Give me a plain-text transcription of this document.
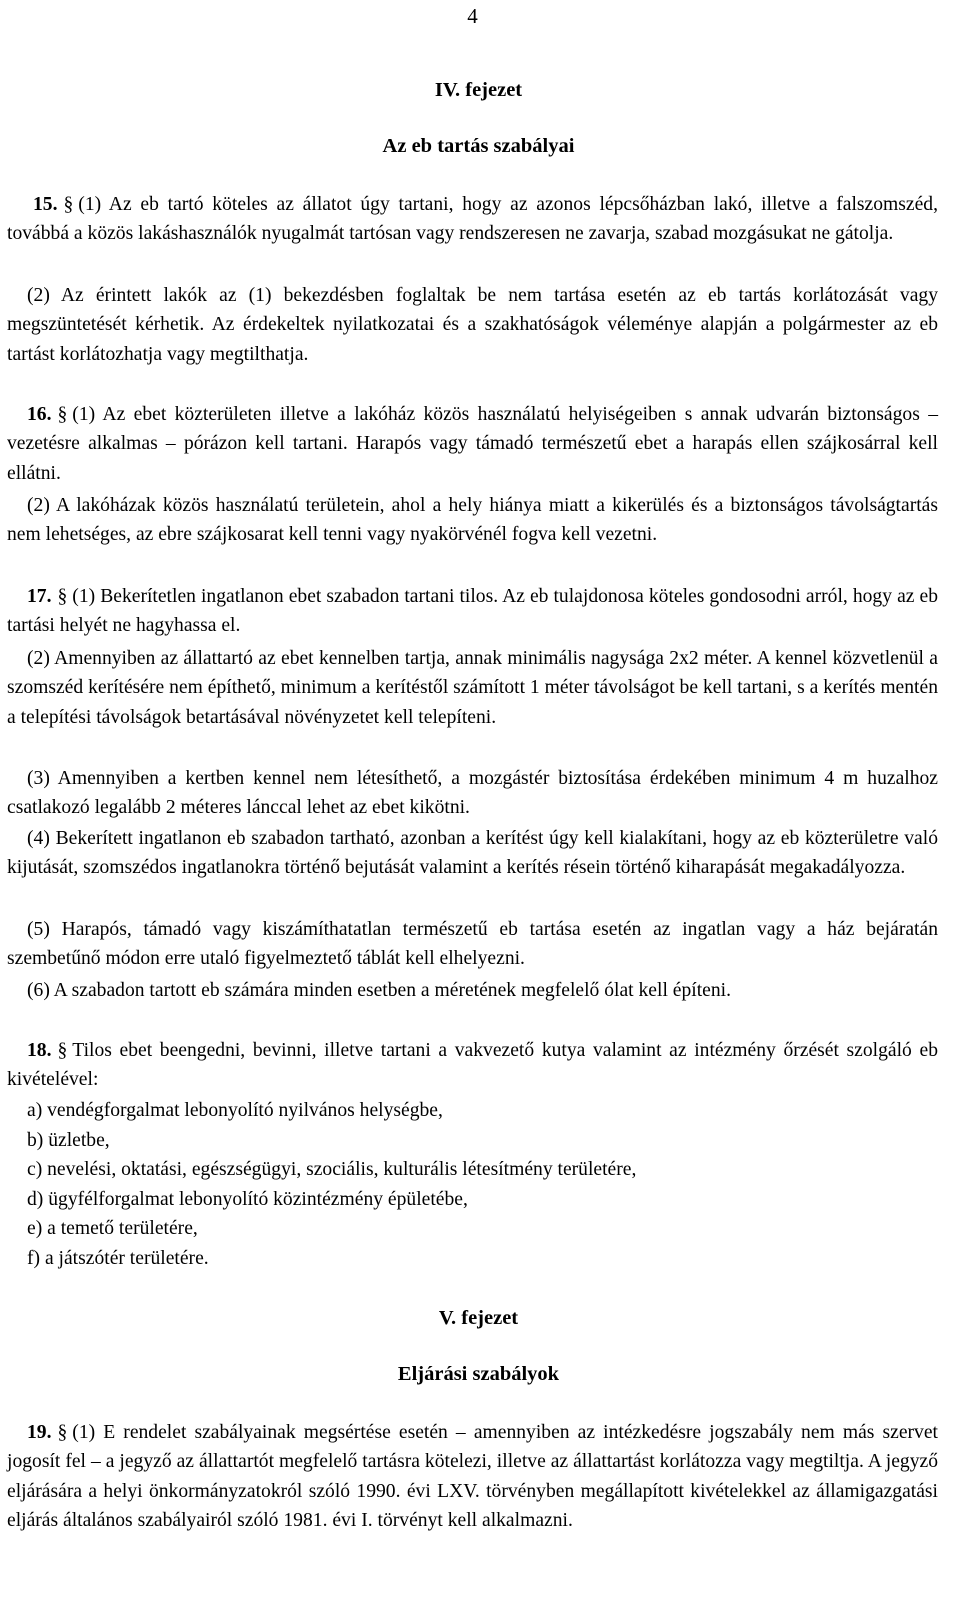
4
IV. fejezet
Az eb tartás szabályai
15. § (1) Az eb tartó köteles az állatot úgy tartani, hogy az azonos lépcsőházban lakó, illetve a falszomszéd, továbbá a közös lakáshasználók nyugalmát tartósan vagy rendszeresen ne zavarja, szabad mozgásukat ne gátolja.
(2) Az érintett lakók az (1) bekezdésben foglaltak be nem tartása esetén az eb tartás korlátozását vagy megszüntetését kérhetik. Az érdekeltek nyilatkozatai és a szakhatóságok véleménye alapján a polgármester az eb tartást korlátozhatja vagy megtilthatja.
16. § (1) Az ebet közterületen illetve a lakóház közös használatú helyiségeiben s annak udvarán biztonságos – vezetésre alkalmas – pórázon kell tartani. Harapós vagy támadó természetű ebet a harapás ellen szájkosárral kell ellátni.
(2) A lakóházak közös használatú területein, ahol a hely hiánya miatt a kikerülés és a biztonságos távolságtartás nem lehetséges, az ebre szájkosarat kell tenni vagy nyakörvénél fogva kell vezetni.
17. § (1) Bekerítetlen ingatlanon ebet szabadon tartani tilos. Az eb tulajdonosa köteles gondosodni arról, hogy az eb tartási helyét ne hagyhassa el.
(2) Amennyiben az állattartó az ebet kennelben tartja, annak minimális nagysága 2x2 méter. A kennel közvetlenül a szomszéd kerítésére nem építhető, minimum a kerítéstől számított 1 méter távolságot be kell tartani, s a kerítés mentén a telepítési távolságok betartásával növényzetet kell telepíteni.
(3) Amennyiben a kertben kennel nem létesíthető, a mozgástér biztosítása érdekében minimum 4 m huzalhoz csatlakozó legalább 2 méteres lánccal lehet az ebet kikötni.
(4) Bekerített ingatlanon eb szabadon tartható, azonban a kerítést úgy kell kialakítani, hogy az eb közterületre való kijutását, szomszédos ingatlanokra történő bejutását valamint a kerítés résein történő kiharapását megakadályozza.
(5) Harapós, támadó vagy kiszámíthatatlan természetű eb tartása esetén az ingatlan vagy a ház bejáratán szembetűnő módon erre utaló figyelmeztető táblát kell elhelyezni.
(6) A szabadon tartott eb számára minden esetben a méretének megfelelő ólat kell építeni.
18. § Tilos ebet beengedni, bevinni, illetve tartani a vakvezető kutya valamint az intézmény őrzését szolgáló eb kivételével:
a) vendégforgalmat lebonyolító nyilvános helységbe,
b) üzletbe,
c) nevelési, oktatási, egészségügyi, szociális, kulturális létesítmény területére,
d) ügyfélforgalmat lebonyolító közintézmény épületébe,
e) a temető területére,
f) a játszótér területére.
V. fejezet
Eljárási szabályok
19. § (1) E rendelet szabályainak megsértése esetén – amennyiben az intézkedésre jogszabály nem más szervet jogosít fel – a jegyző az állattartót megfelelő tartásra kötelezi, illetve az állattartást korlátozza vagy megtiltja. A jegyző eljárására a helyi önkormányzatokról szóló 1990. évi LXV. törvényben megállapított kivételekkel az államigazgatási eljárás általános szabályairól szóló 1981. évi I. törvényt kell alkalmazni.
